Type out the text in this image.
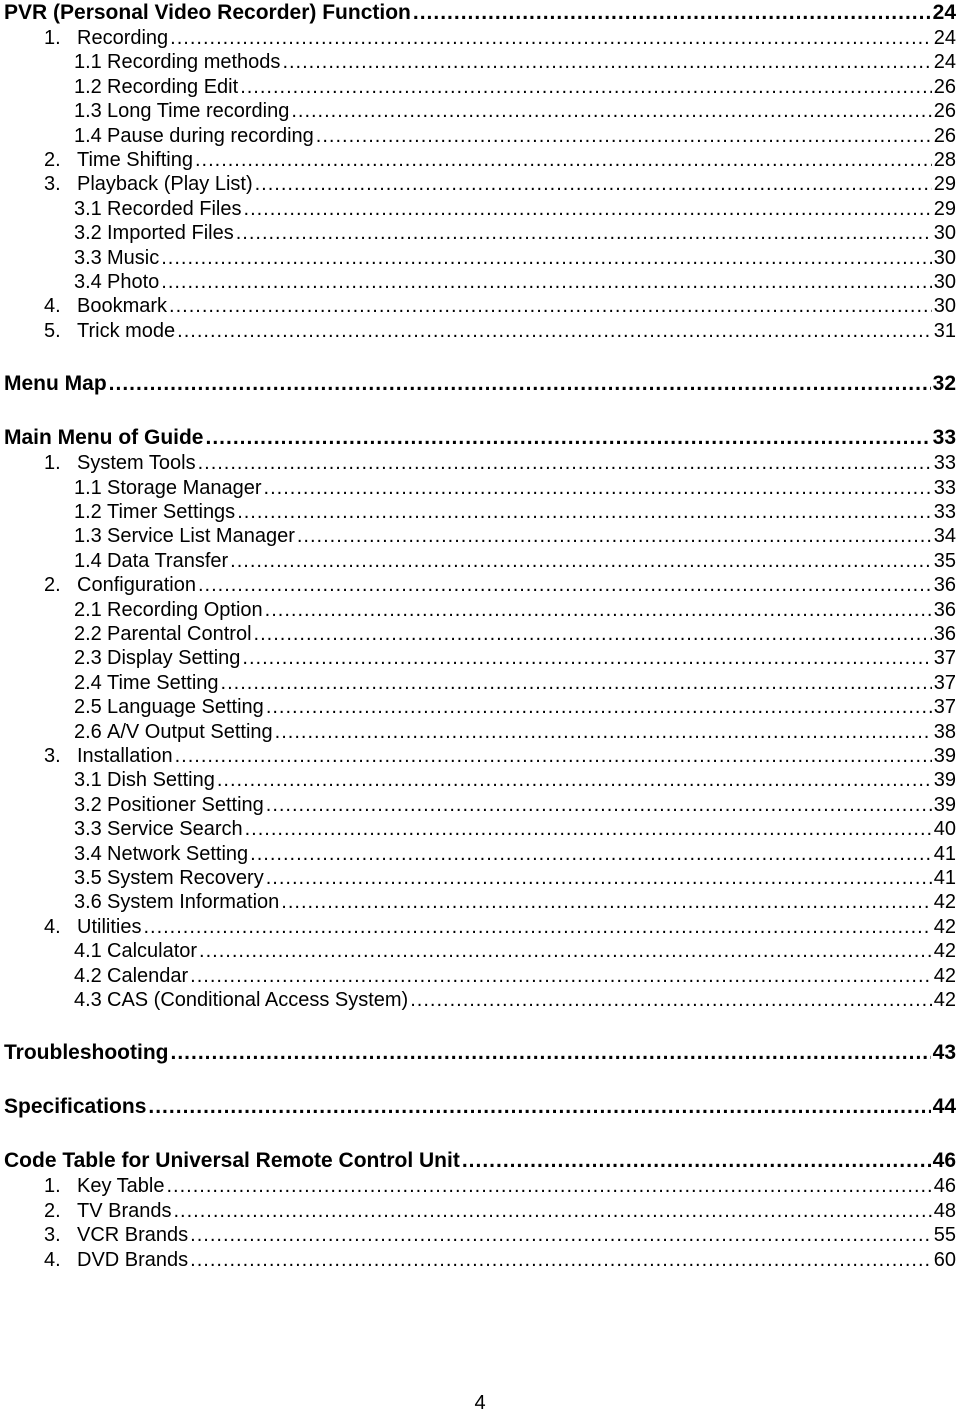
PVR (Personal Video Recorder) Function .....	24
1. Recording .....	24
1.1 Recording methods .....	24
1.2 Recording Edit .....	26
1.3 Long Time recording .....	26
1.4 Pause during recording .....	26
2. Time Shifting .....	28
3. Playback (Play List) .....	29
3.1 Recorded Files .....	29
3.2 Imported Files .....	30
3.3 Music .....	30
3.4 Photo .....	30
4. Bookmark .....	30
5. Trick mode .....	31
Menu Map .....	32
Main Menu of Guide .....	33
1. System Tools .....	33
1.1 Storage Manager .....	33
1.2 Timer Settings .....	33
1.3 Service List Manager .....	34
1.4 Data Transfer .....	35
2. Configuration .....	36
2.1 Recording Option .....	36
2.2 Parental Control .....	36
2.3 Display Setting .....	37
2.4 Time Setting .....	37
2.5 Language Setting .....	37
2.6 A/V Output Setting .....	38
3. Installation .....	39
3.1 Dish Setting .....	39
3.2 Positioner Setting .....	39
3.3 Service Search .....	40
3.4 Network Setting .....	41
3.5 System Recovery .....	41
3.6 System Information .....	42
4. Utilities .....	42
4.1 Calculator .....	42
4.2 Calendar .....	42
4.3 CAS (Conditional Access System) .....	42
Troubleshooting .....	43
Specifications .....	44
Code Table for Universal Remote Control Unit .....	46
1. Key Table .....	46
2. TV Brands .....	48
3. VCR Brands .....	55
4. DVD Brands .....	60
4
